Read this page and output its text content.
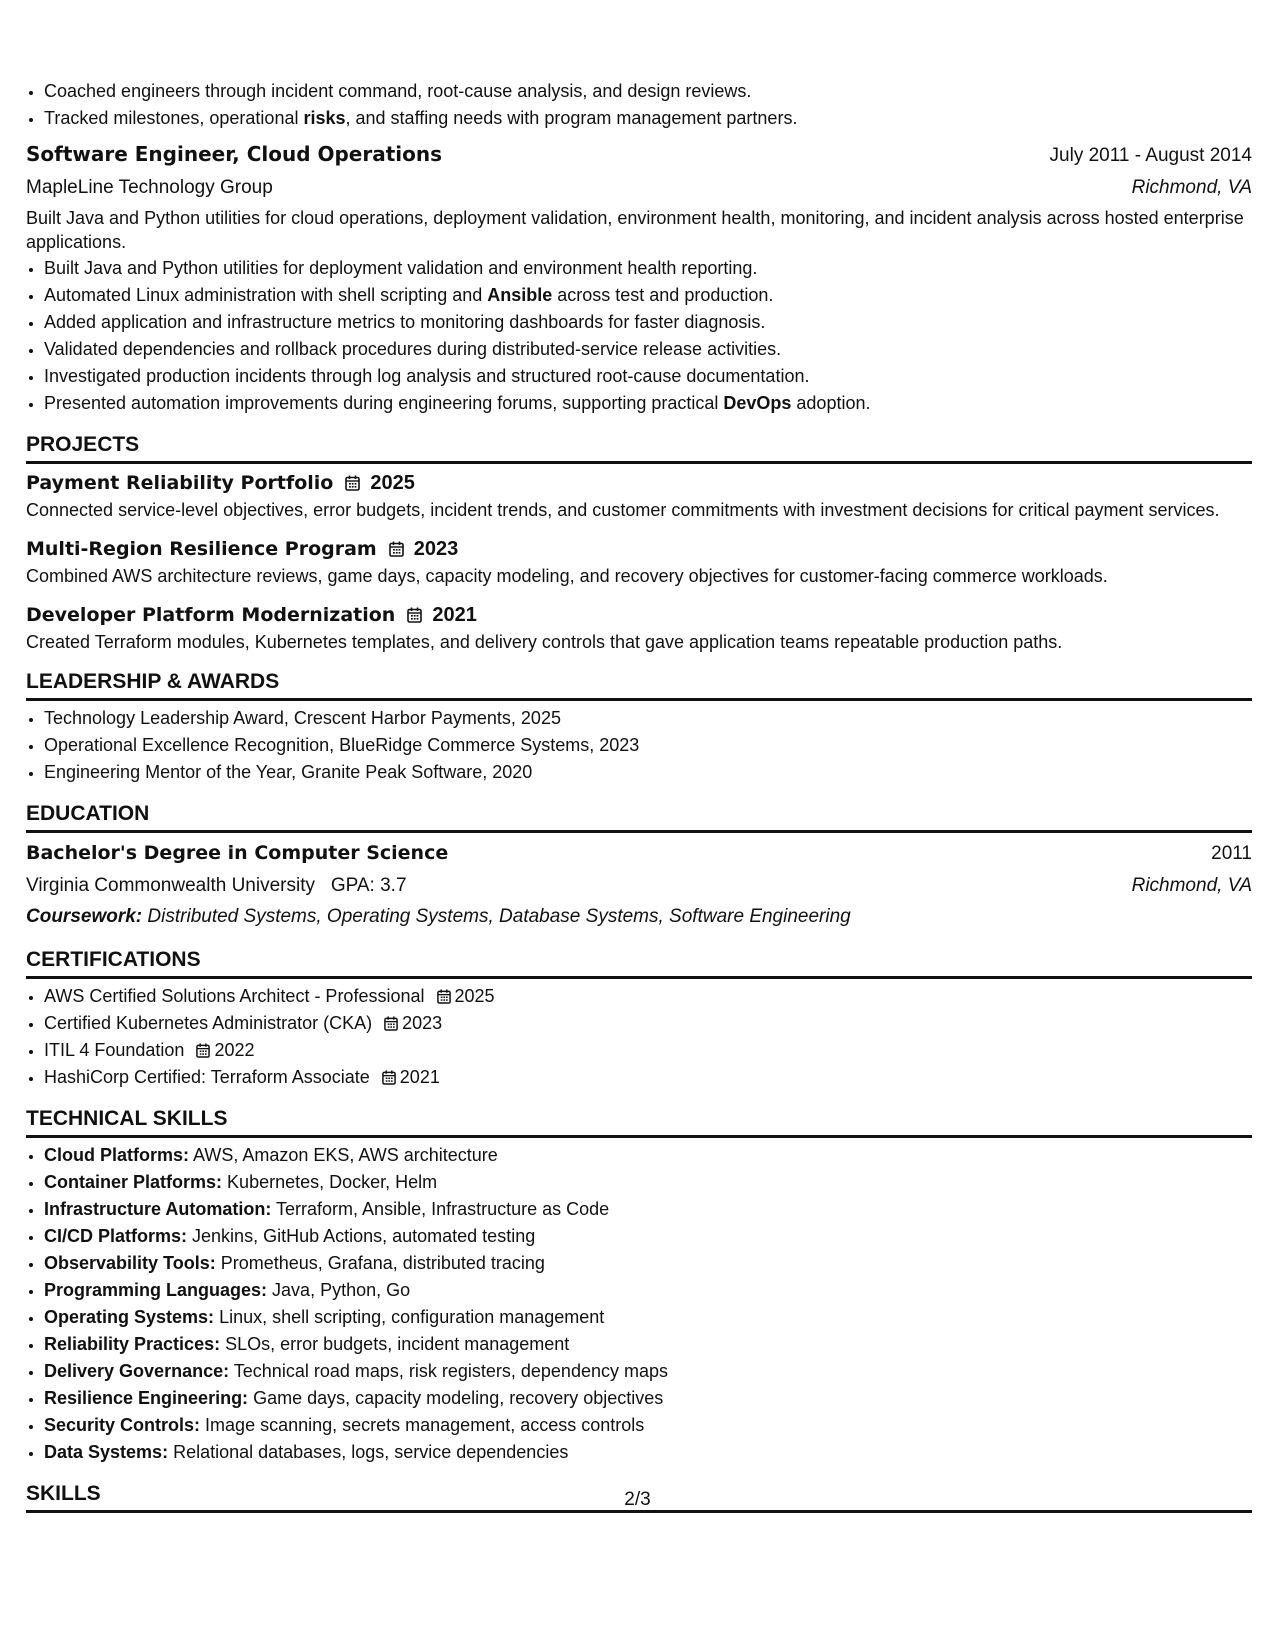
• Coached engineers through incident command, root-cause analysis, and design reviews.
• Tracked milestones, operational risks, and staffing needs with program management partners.
Software Engineer, Cloud Operations	July 2011 - August 2014
MapleLine Technology Group	Richmond, VA
Built Java and Python utilities for cloud operations, deployment validation, environment health, monitoring, and incident analysis across hosted enterprise applications.
• Built Java and Python utilities for deployment validation and environment health reporting.
• Automated Linux administration with shell scripting and Ansible across test and production.
• Added application and infrastructure metrics to monitoring dashboards for faster diagnosis.
• Validated dependencies and rollback procedures during distributed-service release activities.
• Investigated production incidents through log analysis and structured root-cause documentation.
• Presented automation improvements during engineering forums, supporting practical DevOps adoption.
PROJECTS
Payment Reliability Portfolio 2025
Connected service-level objectives, error budgets, incident trends, and customer commitments with investment decisions for critical payment services.
Multi-Region Resilience Program 2023
Combined AWS architecture reviews, game days, capacity modeling, and recovery objectives for customer-facing commerce workloads.
Developer Platform Modernization 2021
Created Terraform modules, Kubernetes templates, and delivery controls that gave application teams repeatable production paths.
LEADERSHIP & AWARDS
• Technology Leadership Award, Crescent Harbor Payments, 2025
• Operational Excellence Recognition, BlueRidge Commerce Systems, 2023
• Engineering Mentor of the Year, Granite Peak Software, 2020
EDUCATION
Bachelor's Degree in Computer Science	2011
Virginia Commonwealth University GPA: 3.7	Richmond, VA
Coursework: Distributed Systems, Operating Systems, Database Systems, Software Engineering
CERTIFICATIONS
• AWS Certified Solutions Architect - Professional 2025
• Certified Kubernetes Administrator (CKA) 2023
• ITIL 4 Foundation 2022
• HashiCorp Certified: Terraform Associate 2021
TECHNICAL SKILLS
• Cloud Platforms: AWS, Amazon EKS, AWS architecture
• Container Platforms: Kubernetes, Docker, Helm
• Infrastructure Automation: Terraform, Ansible, Infrastructure as Code
• CI/CD Platforms: Jenkins, GitHub Actions, automated testing
• Observability Tools: Prometheus, Grafana, distributed tracing
• Programming Languages: Java, Python, Go
• Operating Systems: Linux, shell scripting, configuration management
• Reliability Practices: SLOs, error budgets, incident management
• Delivery Governance: Technical road maps, risk registers, dependency maps
• Resilience Engineering: Game days, capacity modeling, recovery objectives
• Security Controls: Image scanning, secrets management, access controls
• Data Systems: Relational databases, logs, service dependencies
SKILLS	2/3
